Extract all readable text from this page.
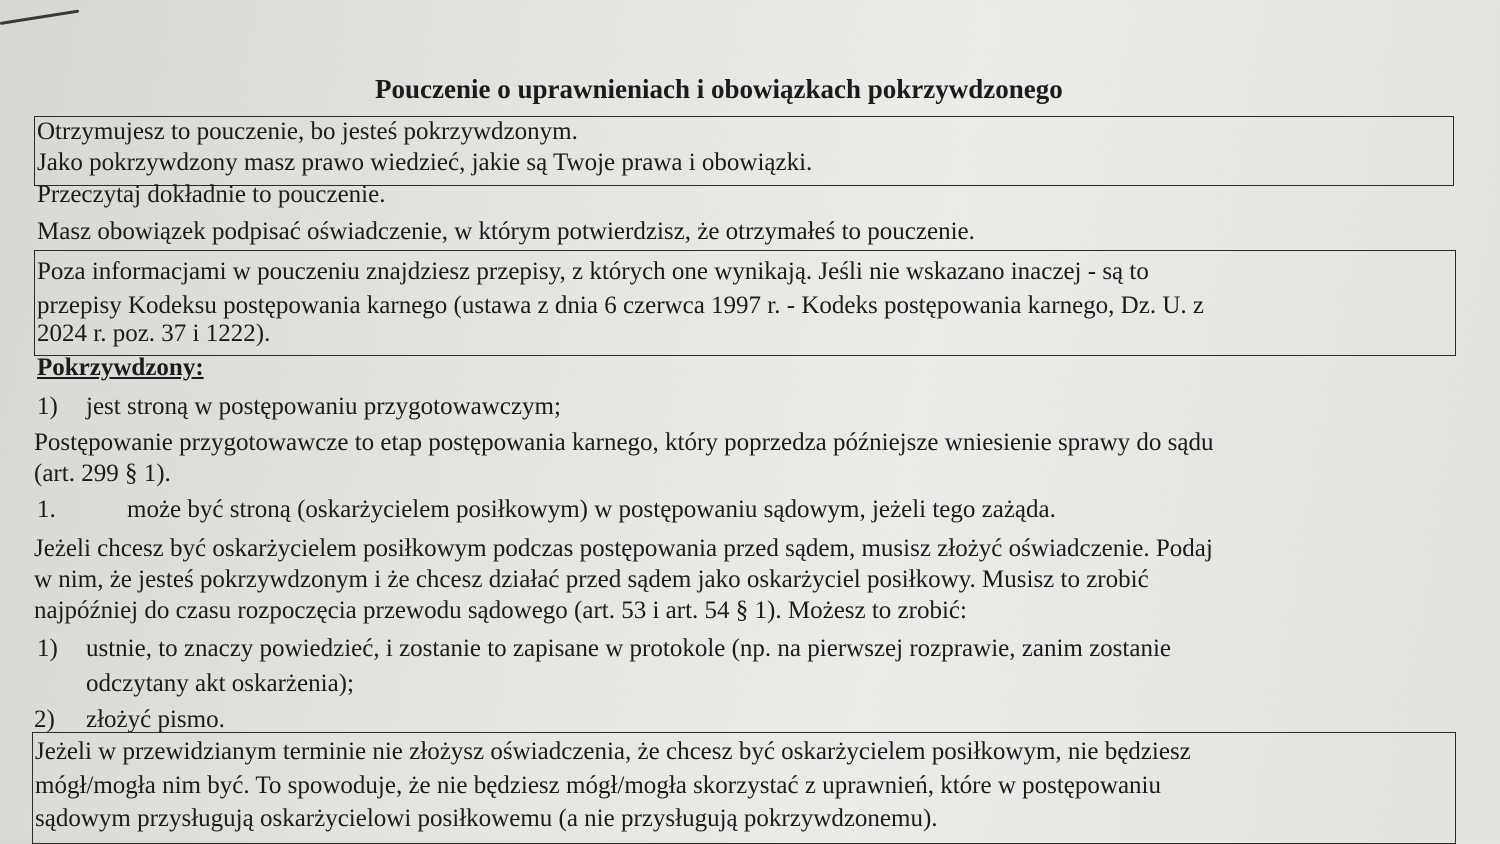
Pouczenie o uprawnieniach i obowiązkach pokrzywdzonego
Otrzymujesz to pouczenie, bo jesteś pokrzywdzonym.
Jako pokrzywdzony masz prawo wiedzieć, jakie są Twoje prawa i obowiązki.
Przeczytaj dokładnie to pouczenie.
Masz obowiązek podpisać oświadczenie, w którym potwierdzisz, że otrzymałeś to pouczenie.
Poza informacjami w pouczeniu znajdziesz przepisy, z których one wynikają. Jeśli nie wskazano inaczej - są to
przepisy Kodeksu postępowania karnego (ustawa z dnia 6 czerwca 1997 r. - Kodeks postępowania karnego, Dz. U. z
2024 r. poz. 37 i 1222).
Pokrzywdzony:
1) jest stroną w postępowaniu przygotowawczym;
Postępowanie przygotowawcze to etap postępowania karnego, który poprzedza późniejsze wniesienie sprawy do sądu
(art. 299 § 1).
1.	może być stroną (oskarżycielem posiłkowym) w postępowaniu sądowym, jeżeli tego zażąda.
Jeżeli chcesz być oskarżycielem posiłkowym podczas postępowania przed sądem, musisz złożyć oświadczenie. Podaj
w nim, że jesteś pokrzywdzonym i że chcesz działać przed sądem jako oskarżyciel posiłkowy. Musisz to zrobić
najpóźniej do czasu rozpoczęcia przewodu sądowego (art. 53 i art. 54 § 1). Możesz to zrobić:
1) ustnie, to znaczy powiedzieć, i zostanie to zapisane w protokole (np. na pierwszej rozprawie, zanim zostanie
odczytany akt oskarżenia);
2) złożyć pismo.
Jeżeli w przewidzianym terminie nie złożysz oświadczenia, że chcesz być oskarżycielem posiłkowym, nie będziesz
mógł/mogła nim być. To spowoduje, że nie będziesz mógł/mogła skorzystać z uprawnień, które w postępowaniu
sądowym przysługują oskarżycielowi posiłkowemu (a nie przysługują pokrzywdzonemu).
